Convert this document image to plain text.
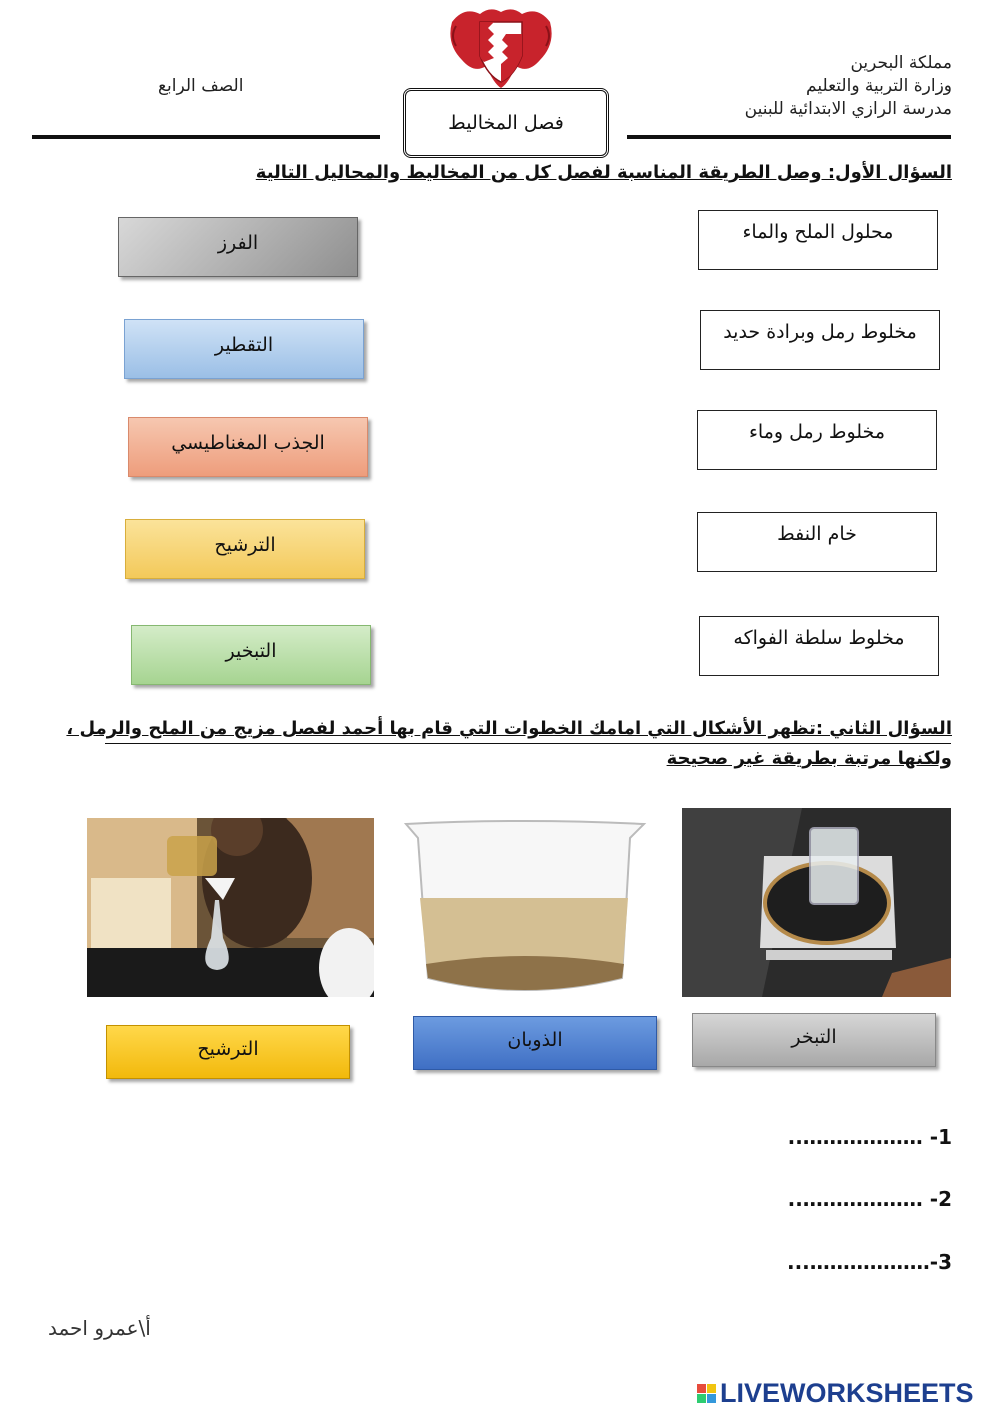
مملكة البحرين
وزارة التربية والتعليم
مدرسة الرازي الابتدائية للبنين
الصف الرابع
فصل المخاليط
السؤال الأول: وصل الطريقة المناسبة لفصل كل من المخاليط والمحاليل التالية
محلول الملح والماء
مخلوط رمل وبرادة حديد
مخلوط رمل وماء
خام النفط
مخلوط سلطة الفواكه
الفرز
التقطير
الجذب المغناطيسي
الترشيح
التبخير
السؤال الثاني :تظهر الأشكال التي امامك الخطوات التي قام بها أحمد لفصل مزيج من الملح والرمل ،
ولكنها مرتبة بطريقة غير صحيحة
الترشيح	الذوبان	التبخر
1- ………………..
2- ………………..
3-………………...
أ\عمرو احمد
LIVEWORKSHEETS
